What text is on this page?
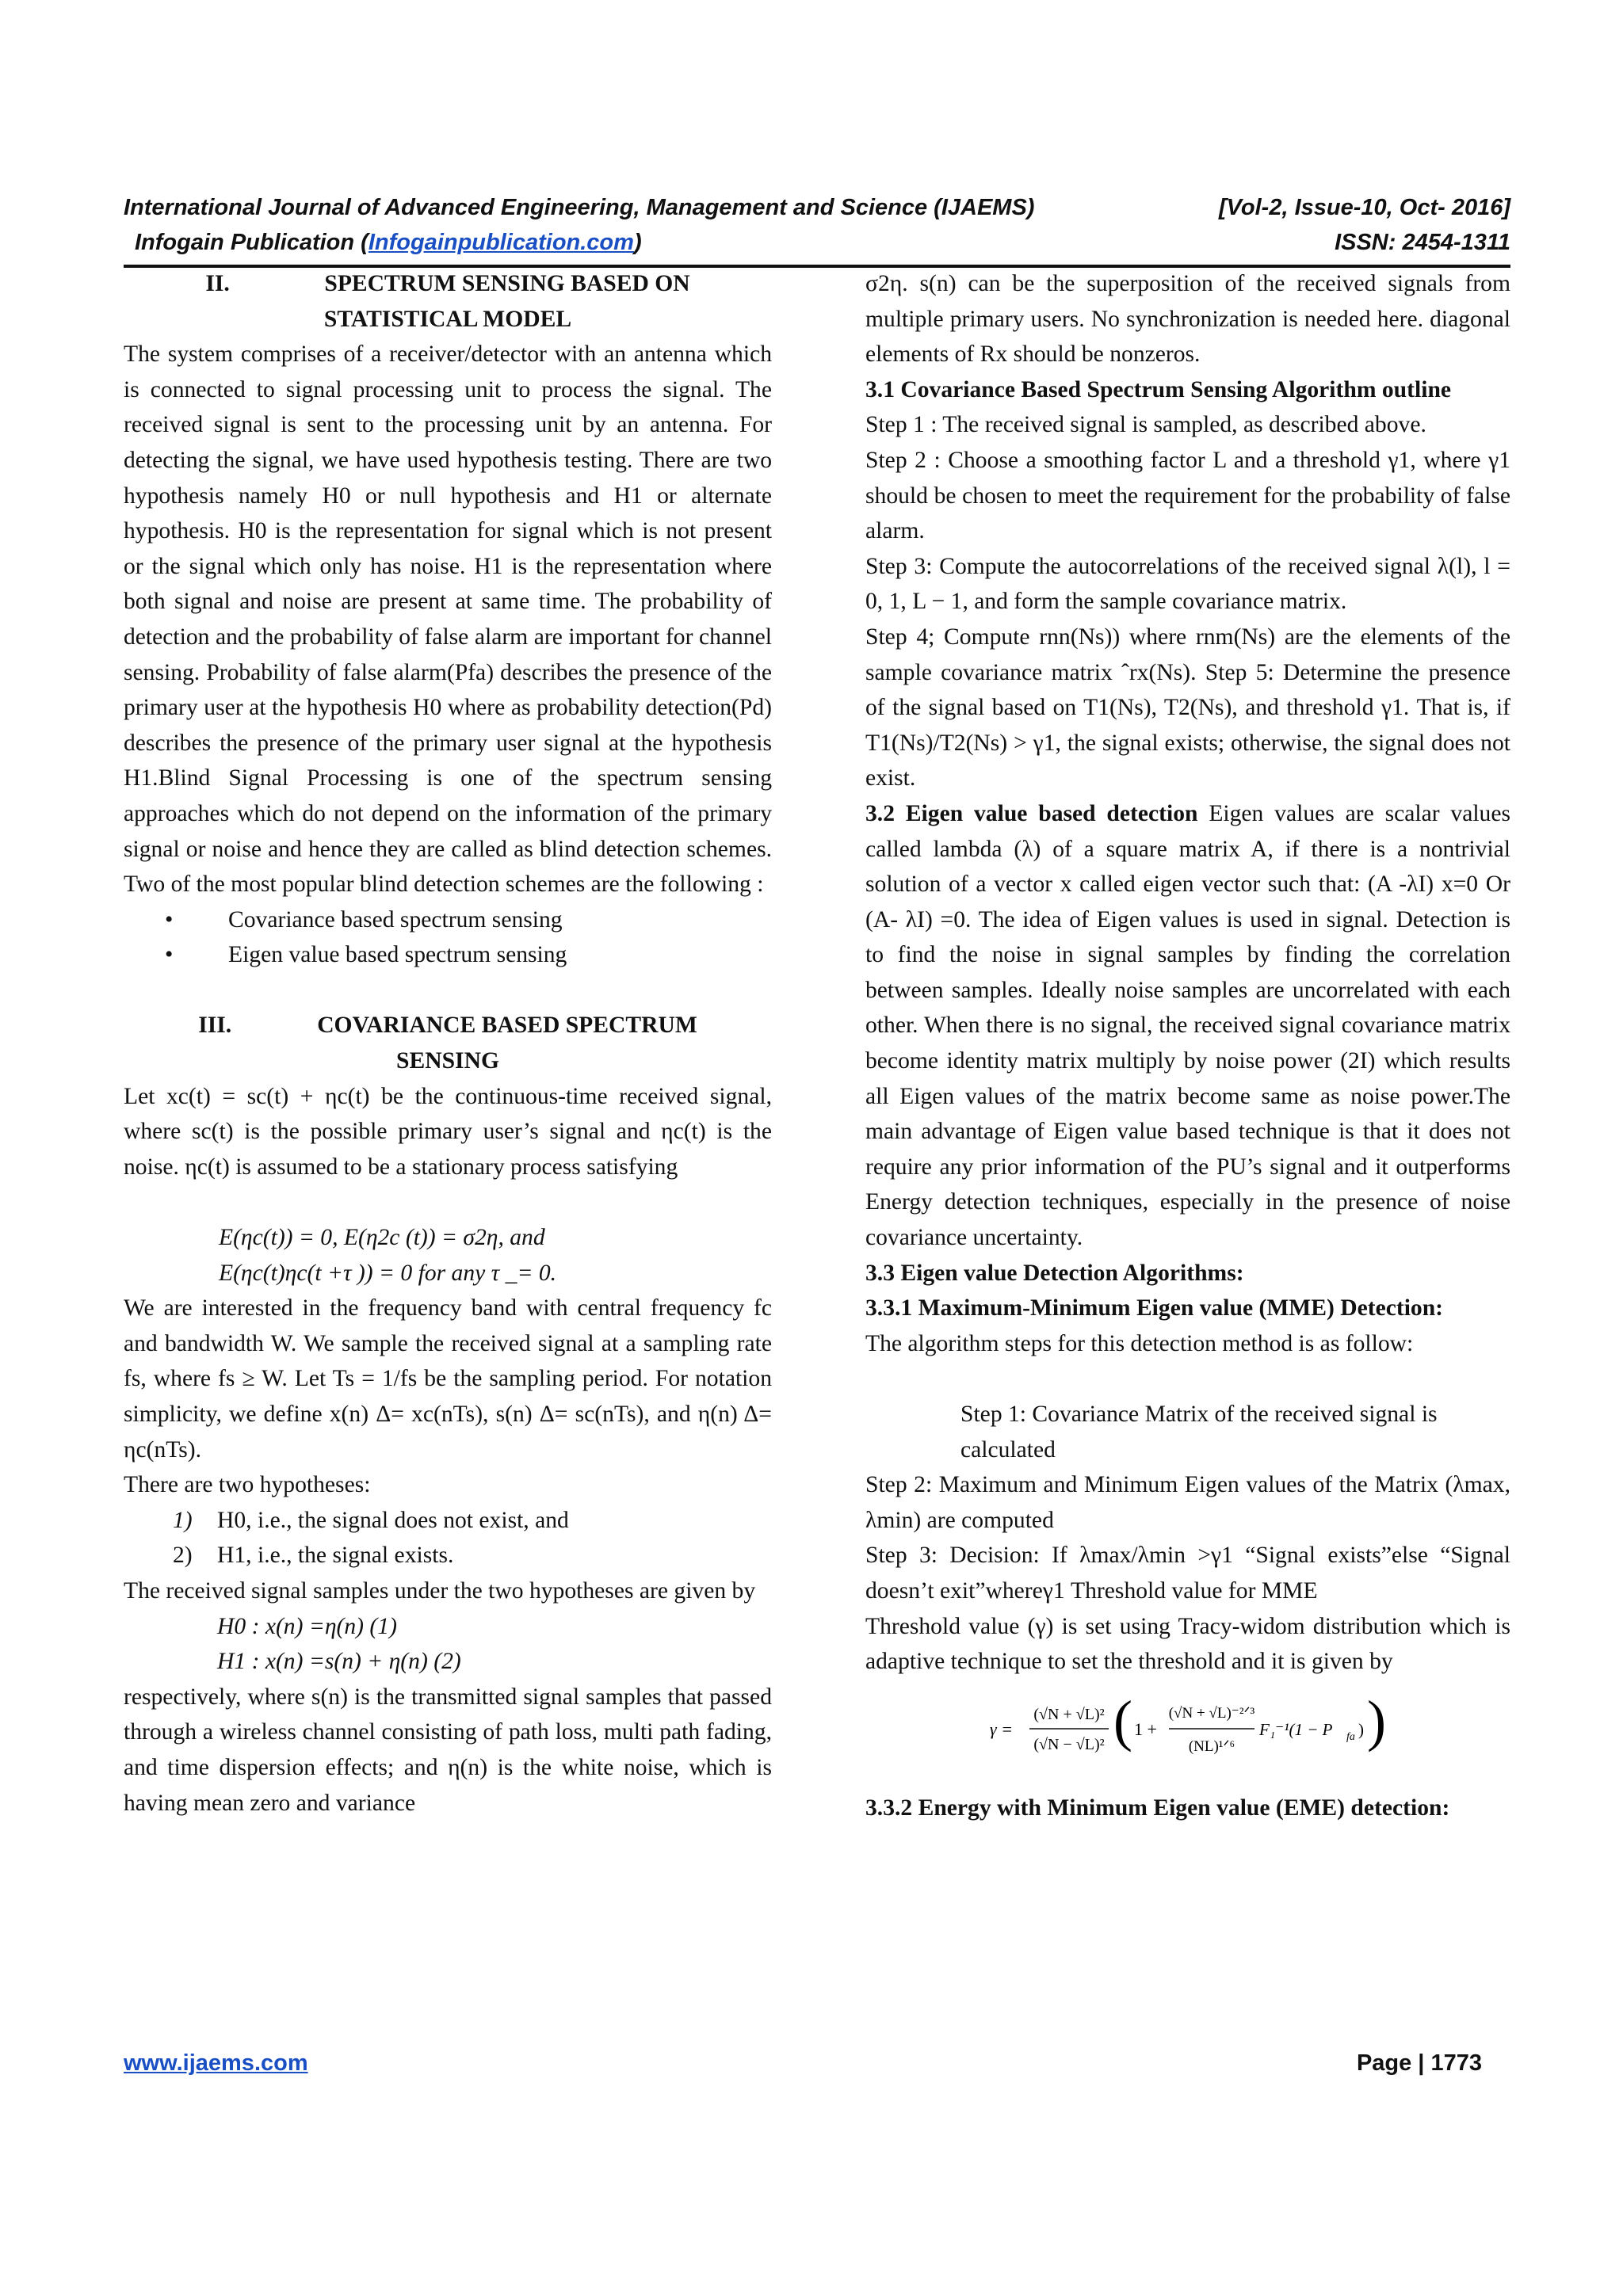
International Journal of Advanced Engineering, Management and Science (IJAEMS)	[Vol-2, Issue-10, Oct- 2016]
Infogain Publication (Infogainpublication.com)	ISSN: 2454-1311

II.	SPECTRUM SENSING BASED ON

STATISTICAL MODEL

The system comprises of a receiver/detector with an antenna which is connected to signal processing unit to process the signal. The received signal is sent to the processing unit by an antenna. For detecting the signal, we have used hypothesis testing. There are two hypothesis namely H0 or null hypothesis and H1 or alternate hypothesis. H0 is the representation for signal which is not present or the signal which only has noise. H1 is the representation where both signal and noise are present at same time. The probability of detection and the probability of false alarm are important for channel sensing. Probability of false alarm(Pfa) describes the presence of the primary user at the hypothesis H0 where as probability detection(Pd) describes the presence of the primary user signal at the hypothesis H1.Blind Signal Processing is one of the spectrum sensing approaches which do not depend on the information of the primary signal or noise and hence they are called as blind detection schemes. Two of the most popular blind detection schemes are the following :

• Covariance based spectrum sensing
• Eigen value based spectrum sensing

III.	COVARIANCE BASED SPECTRUM

SENSING

Let xc(t) = sc(t) + ηc(t) be the continuous-time received signal, where sc(t) is the possible primary user’s signal and ηc(t) is the noise. ηc(t) is assumed to be a stationary process satisfying

E(ηc(t)) = 0, E(η2c (t)) = σ2η, and

E(ηc(t)ηc(t +τ )) = 0 for any τ _= 0.

We are interested in the frequency band with central frequency fc and bandwidth W. We sample the received signal at a sampling rate fs, where fs ≥ W. Let Ts = 1/fs be the sampling period. For notation simplicity, we define x(n) Δ= xc(nTs), s(n) Δ= sc(nTs), and η(n) Δ= ηc(nTs).

There are two hypotheses:

1) H0, i.e., the signal does not exist, and
2) H1, i.e., the signal exists.

The received signal samples under the two hypotheses are given by

H0 : x(n) =η(n) (1)

H1 : x(n) =s(n) + η(n) (2)

respectively, where s(n) is the transmitted signal samples that passed through a wireless channel consisting of path loss, multi path fading, and time dispersion effects; and η(n) is the white noise, which is having mean zero and variance

σ2η. s(n) can be the superposition of the received signals from multiple primary users. No synchronization is needed here. diagonal elements of Rx should be nonzeros.

3.1 Covariance Based Spectrum Sensing Algorithm outline

Step 1 : The received signal is sampled, as described above.

Step 2 : Choose a smoothing factor L and a threshold γ1, where γ1 should be chosen to meet the requirement for the probability of false alarm.

Step 3: Compute the autocorrelations of the received signal λ(l), l = 0, 1, L − 1, and form the sample covariance matrix.

Step 4; Compute rnn(Ns)) where rnm(Ns) are the elements of the sample covariance matrix ˆrx(Ns). Step 5: Determine the presence of the signal based on T1(Ns), T2(Ns), and threshold γ1. That is, if T1(Ns)/T2(Ns) > γ1, the signal exists; otherwise, the signal does not exist.

3.2 Eigen value based detection Eigen values are scalar values called lambda (λ) of a square matrix A, if there is a nontrivial solution of a vector x called eigen vector such that: (A -λI) x=0 Or (A- λI) =0. The idea of Eigen values is used in signal. Detection is to find the noise in signal samples by finding the correlation between samples. Ideally noise samples are uncorrelated with each other. When there is no signal, the received signal covariance matrix become identity matrix multiply by noise power (2I) which results all Eigen values of the matrix become same as noise power.The main advantage of Eigen value based technique is that it does not require any prior information of the PU’s signal and it outperforms Energy detection techniques, especially in the presence of noise covariance uncertainty.

3.3 Eigen value Detection Algorithms:

3.3.1 Maximum-Minimum Eigen value (MME) Detection:

The algorithm steps for this detection method is as follow:

Step 1: Covariance Matrix of the received signal is calculated

Step 2: Maximum and Minimum Eigen values of the Matrix (λmax, λmin) are computed

Step 3: Decision: If λmax/λmin >γ1 “Signal exists”else “Signal doesn’t exit”whereγ1 Threshold value for MME

Threshold value (γ) is set using Tracy-widom distribution which is adaptive technique to set the threshold and it is given by

γ =
(√N + √L)²
(√N − √L)² ( 1 +
(√N + √L)⁻²ᐟ³
(NL)¹ᐟ⁶
F₁⁻¹(1 − P fa ) )

3.3.2 Energy with Minimum Eigen value (EME) detection:

www.ijaems.com	Page | 1773
